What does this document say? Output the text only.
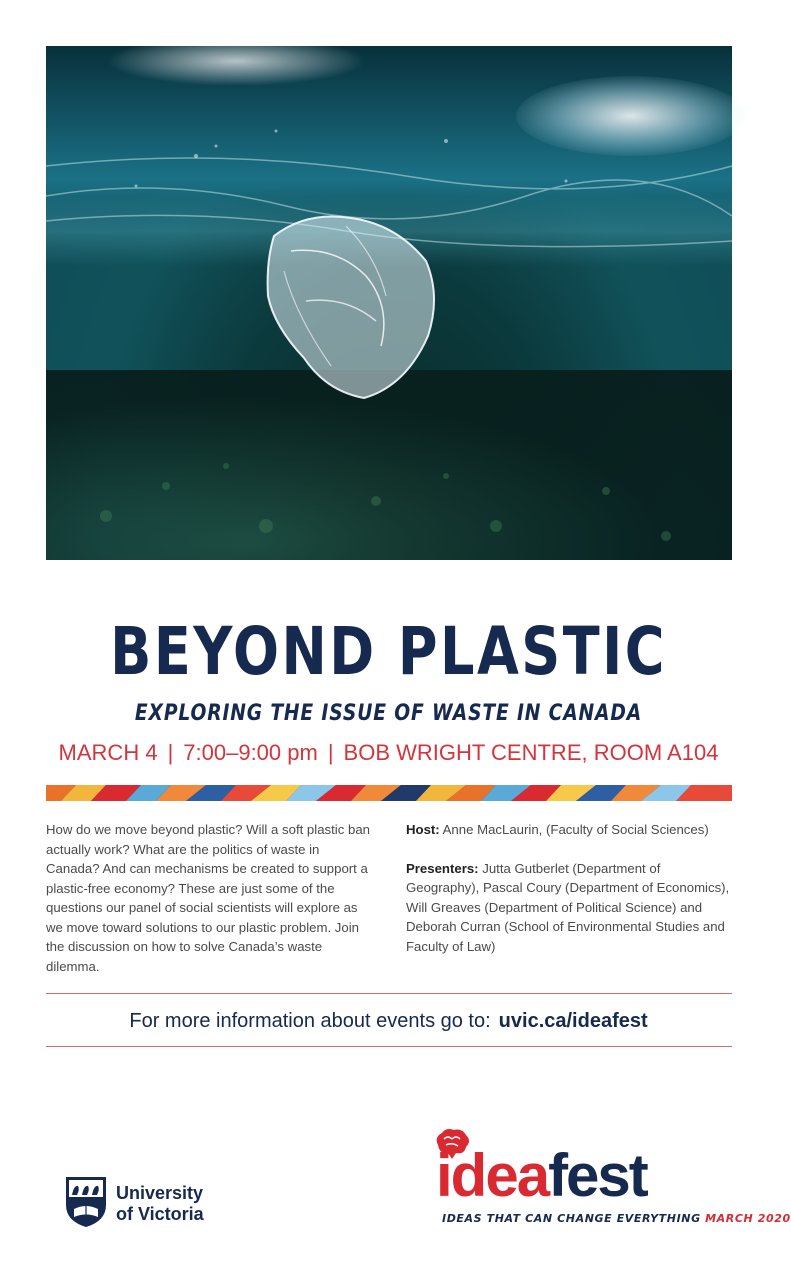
BEYOND PLASTIC
EXPLORING THE ISSUE OF WASTE IN CANADA
MARCH 4 | 7:00–9:00 pm | BOB WRIGHT CENTRE, ROOM A104
How do we move beyond plastic? Will a soft plastic ban actually work? What are the politics of waste in Canada? And can mechanisms be created to support a plastic-free economy? These are just some of the questions our panel of social scientists will explore as we move toward solutions to our plastic problem. Join the discussion on how to solve Canada’s waste dilemma.

Host: Anne MacLaurin, (Faculty of Social Sciences)

Presenters: Jutta Gutberlet (Department of Geography), Pascal Coury (Department of Economics), Will Greaves (Department of Political Science) and Deborah Curran (School of Environmental Studies and Faculty of Law)

For more information about events go to: uvic.ca/ideafest
University
of Victoria
ideafest
IDEAS THAT CAN CHANGE EVERYTHING MARCH 2020
